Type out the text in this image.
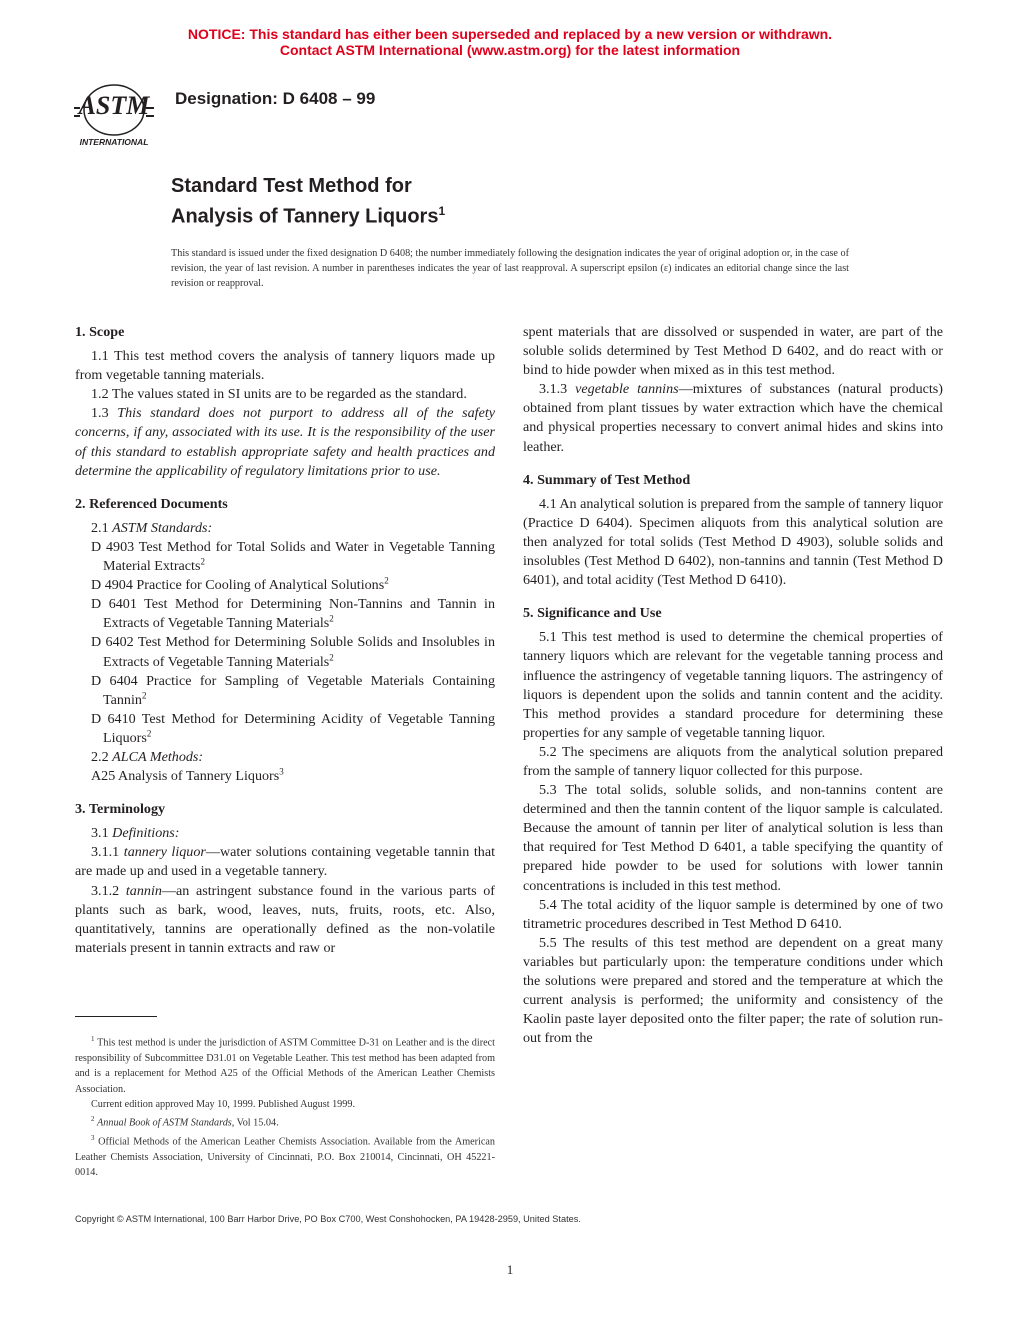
NOTICE: This standard has either been superseded and replaced by a new version or withdrawn.
Contact ASTM International (www.astm.org) for the latest information
ASTM
INTERNATIONAL
Designation: D 6408 – 99
Standard Test Method for
Analysis of Tannery Liquors$^1$
This standard is issued under the fixed designation D 6408; the number immediately following the designation indicates the year of original adoption or, in the case of revision, the year of last revision. A number in parentheses indicates the year of last reapproval. A superscript epsilon (ε) indicates an editorial change since the last revision or reapproval.
1. Scope

1.1 This test method covers the analysis of tannery liquors made up from vegetable tanning materials.

1.2 The values stated in SI units are to be regarded as the standard.

1.3 This standard does not purport to address all of the safety concerns, if any, associated with its use. It is the responsibility of the user of this standard to establish appropriate safety and health practices and determine the applicability of regulatory limitations prior to use.

2. Referenced Documents

2.1 ASTM Standards:

D 4903 Test Method for Total Solids and Water in Vegetable Tanning Material Extracts$^2$

D 4904 Practice for Cooling of Analytical Solutions$^2$

D 6401 Test Method for Determining Non-Tannins and Tannin in Extracts of Vegetable Tanning Materials$^2$

D 6402 Test Method for Determining Soluble Solids and Insolubles in Extracts of Vegetable Tanning Materials$^2$

D 6404 Practice for Sampling of Vegetable Materials Containing Tannin$^2$

D 6410 Test Method for Determining Acidity of Vegetable Tanning Liquors$^2$

2.2 ALCA Methods:

A25 Analysis of Tannery Liquors$^3$

3. Terminology

3.1 Definitions:

3.1.1 tannery liquor—water solutions containing vegetable tannin that are made up and used in a vegetable tannery.

3.1.2 tannin—an astringent substance found in the various parts of plants such as bark, wood, leaves, nuts, fruits, roots, etc. Also, quantitatively, tannins are operationally defined as the non-volatile materials present in tannin extracts and raw or

spent materials that are dissolved or suspended in water, are part of the soluble solids determined by Test Method D 6402, and do react with or bind to hide powder when mixed as in this test method.

3.1.3 vegetable tannins—mixtures of substances (natural products) obtained from plant tissues by water extraction which have the chemical and physical properties necessary to convert animal hides and skins into leather.

4. Summary of Test Method

4.1 An analytical solution is prepared from the sample of tannery liquor (Practice D 6404). Specimen aliquots from this analytical solution are then analyzed for total solids (Test Method D 4903), soluble solids and insolubles (Test Method D 6402), non-tannins and tannin (Test Method D 6401), and total acidity (Test Method D 6410).

5. Significance and Use

5.1 This test method is used to determine the chemical properties of tannery liquors which are relevant for the vegetable tanning process and influence the astringency of vegetable tanning liquors. The astringency of liquors is dependent upon the solids and tannin content and the acidity. This method provides a standard procedure for determining these properties for any sample of vegetable tanning liquor.

5.2 The specimens are aliquots from the analytical solution prepared from the sample of tannery liquor collected for this purpose.

5.3 The total solids, soluble solids, and non-tannins content are determined and then the tannin content of the liquor sample is calculated. Because the amount of tannin per liter of analytical solution is less than that required for Test Method D 6401, a table specifying the quantity of prepared hide powder to be used for solutions with lower tannin concentrations is included in this test method.

5.4 The total acidity of the liquor sample is determined by one of two titrametric procedures described in Test Method D 6410.

5.5 The results of this test method are dependent on a great many variables but particularly upon: the temperature conditions under which the solutions were prepared and stored and the temperature at which the current analysis is performed; the uniformity and consistency of the Kaolin paste layer deposited onto the filter paper; the rate of solution run-out from the

$^1$ This test method is under the jurisdiction of ASTM Committee D-31 on Leather and is the direct responsibility of Subcommittee D31.01 on Vegetable Leather. This test method has been adapted from and is a replacement for Method A25 of the Official Methods of the American Leather Chemists Association.

Current edition approved May 10, 1999. Published August 1999.

$^2$ Annual Book of ASTM Standards, Vol 15.04.

$^3$ Official Methods of the American Leather Chemists Association. Available from the American Leather Chemists Association, University of Cincinnati, P.O. Box 210014, Cincinnati, OH 45221-0014.

Copyright © ASTM International, 100 Barr Harbor Drive, PO Box C700, West Conshohocken, PA 19428-2959, United States.
1
